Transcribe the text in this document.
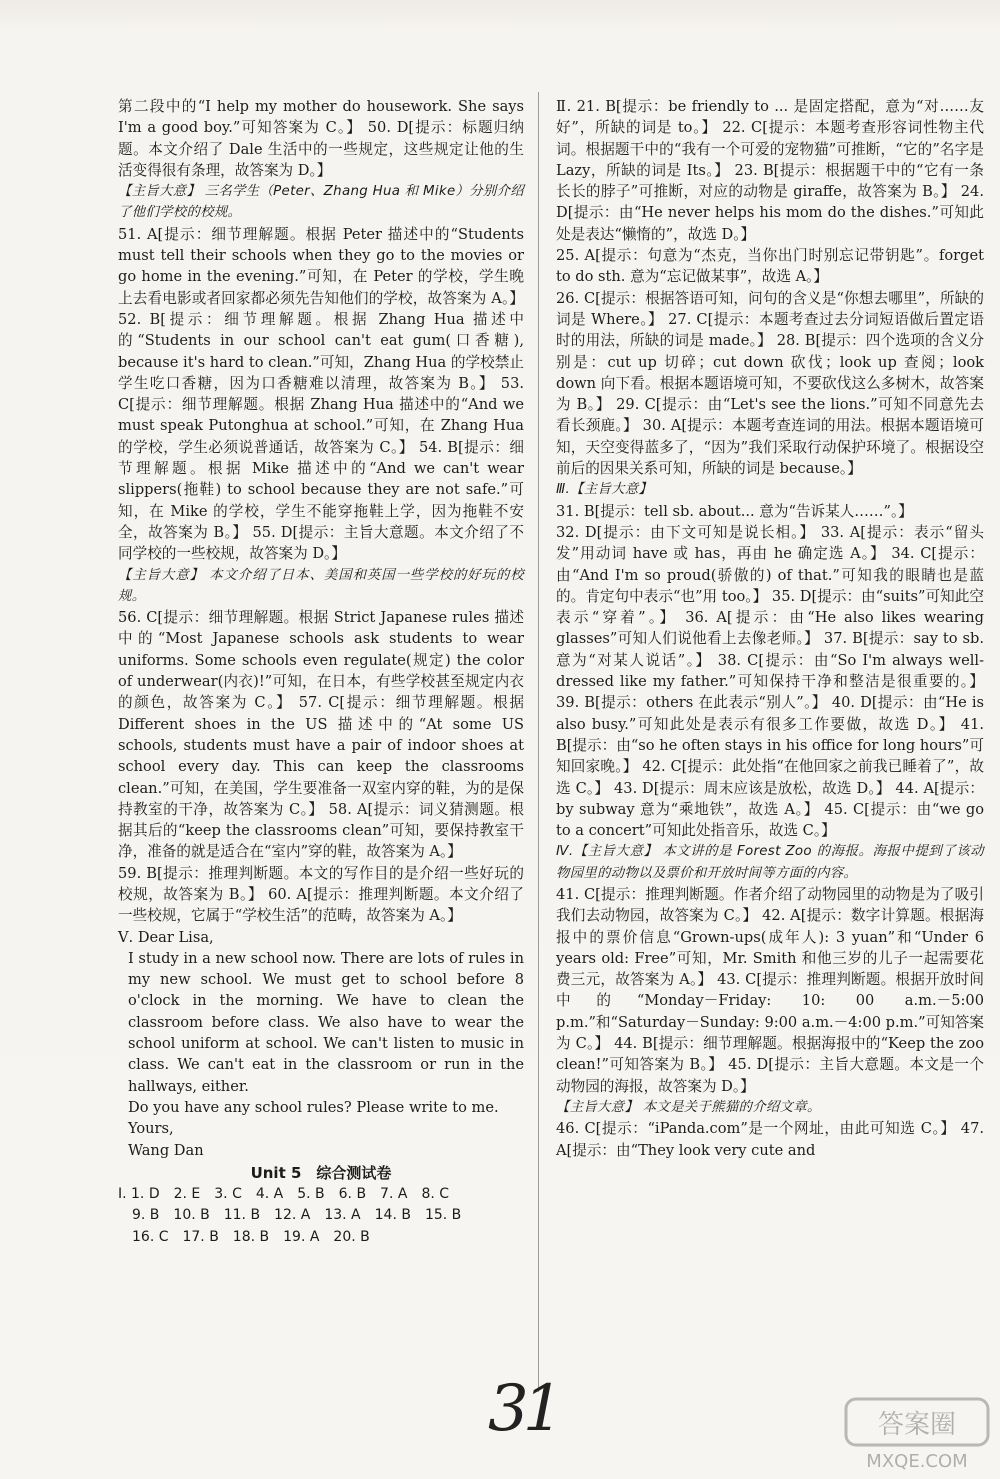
第二段中的“I help my mother do housework. She says I'm a good boy.”可知答案为 C。】 50. D[提示：标题归纳题。本文介绍了 Dale 生活中的一些规定，这些规定让他的生活变得很有条理，故答案为 D。】

【主旨大意】 三名学生（Peter、Zhang Hua 和 Mike）分别介绍了他们学校的校规。

51. A[提示：细节理解题。根据 Peter 描述中的“Students must tell their schools when they go to the movies or go home in the evening.”可知，在 Peter 的学校，学生晚上去看电影或者回家都必须先告知他们的学校，故答案为 A。】 52. B[提示：细节理解题。根据 Zhang Hua 描述中的“Students in our school can't eat gum(口香糖), because it's hard to clean.”可知，Zhang Hua 的学校禁止学生吃口香糖，因为口香糖难以清理，故答案为 B。】 53. C[提示：细节理解题。根据 Zhang Hua 描述中的“And we must speak Putonghua at school.”可知，在 Zhang Hua 的学校，学生必须说普通话，故答案为 C。】 54. B[提示：细节理解题。根据 Mike 描述中的“And we can't wear slippers(拖鞋) to school because they are not safe.”可知，在 Mike 的学校，学生不能穿拖鞋上学，因为拖鞋不安全，故答案为 B。】 55. D[提示：主旨大意题。本文介绍了不同学校的一些校规，故答案为 D。】

【主旨大意】 本文介绍了日本、美国和英国一些学校的好玩的校规。

56. C[提示：细节理解题。根据 Strict Japanese rules 描述中的“Most Japanese schools ask students to wear uniforms. Some schools even regulate(规定) the color of underwear(内衣)!”可知，在日本，有些学校甚至规定内衣的颜色，故答案为 C。】 57. C[提示：细节理解题。根据 Different shoes in the US 描述中的“At some US schools, students must have a pair of indoor shoes at school every day. This can keep the classrooms clean.”可知，在美国，学生要准备一双室内穿的鞋，为的是保持教室的干净，故答案为 C。】 58. A[提示：词义猜测题。根据其后的“keep the classrooms clean”可知，要保持教室干净，准备的就是适合在“室内”穿的鞋，故答案为 A。】

59. B[提示：推理判断题。本文的写作目的是介绍一些好玩的校规，故答案为 B。】 60. A[提示：推理判断题。本文介绍了一些校规，它属于“学校生活”的范畴，故答案为 A。】

Ⅴ. Dear Lisa,
I study in a new school now. There are lots of rules in my new school. We must get to school before 8 o'clock in the morning. We have to clean the classroom before class. We also have to wear the school uniform at school. We can't listen to music in class. We can't eat in the classroom or run in the hallways, either.
Do you have any school rules? Please write to me.
Yours,
Wang Dan

Unit 5　综合测试卷

Ⅰ. 1. D　2. E　3. C　4. A　5. B　6. B　7. A　8. C

　9. B　10. B　11. B　12. A　13. A　14. B　15. B

　16. C　17. B　18. B　19. A　20. B

Ⅱ. 21. B[提示：be friendly to ... 是固定搭配，意为“对……友好”，所缺的词是 to。】 22. C[提示：本题考查形容词性物主代词。根据题干中的“我有一个可爱的宠物猫”可推断，“它的”名字是 Lazy，所缺的词是 Its。】 23. B[提示：根据题干中的“它有一条长长的脖子”可推断，对应的动物是 giraffe，故答案为 B。】 24. D[提示：由“He never helps his mom do the dishes.”可知此处是表达“懒惰的”，故选 D。】

25. A[提示：句意为“杰克，当你出门时别忘记带钥匙”。forget to do sth. 意为“忘记做某事”，故选 A。】

26. C[提示：根据答语可知，问句的含义是“你想去哪里”，所缺的词是 Where。】 27. C[提示：本题考查过去分词短语做后置定语时的用法，所缺的词是 made。】 28. B[提示：四个选项的含义分别是：cut up 切碎；cut down 砍伐；look up 查阅；look down 向下看。根据本题语境可知，不要砍伐这么多树木，故答案为 B。】 29. C[提示：由“Let's see the lions.”可知不同意先去看长颈鹿。】 30. A[提示：本题考查连词的用法。根据本题语境可知，天空变得蓝多了，“因为”我们采取行动保护环境了。根据设空前后的因果关系可知，所缺的词是 because。】

Ⅲ.【主旨大意】

31. B[提示：tell sb. about... 意为“告诉某人……”。】

32. D[提示：由下文可知是说长相。】 33. A[提示：表示“留头发”用动词 have 或 has，再由 he 确定选 A。】 34. C[提示：由“And I'm so proud(骄傲的) of that.”可知我的眼睛也是蓝的。肯定句中表示“也”用 too。】 35. D[提示：由“suits”可知此空表示“穿着”。】 36. A[提示：由“He also likes wearing glasses”可知人们说他看上去像老师。】 37. B[提示：say to sb. 意为“对某人说话”。】 38. C[提示：由“So I'm always well-dressed like my father.”可知保持干净和整洁是很重要的。】 39. B[提示：others 在此表示“别人”。】 40. D[提示：由“He is also busy.”可知此处是表示有很多工作要做，故选 D。】 41. B[提示：由“so he often stays in his office for long hours”可知回家晚。】 42. C[提示：此处指“在他回家之前我已睡着了”，故选 C。】 43. D[提示：周末应该是放松，故选 D。】 44. A[提示：by subway 意为“乘地铁”，故选 A。】 45. C[提示：由“we go to a concert”可知此处指音乐，故选 C。】

Ⅳ.【主旨大意】 本文讲的是 Forest Zoo 的海报。海报中提到了该动物园里的动物以及票价和开放时间等方面的内容。

41. C[提示：推理判断题。作者介绍了动物园里的动物是为了吸引我们去动物园，故答案为 C。】 42. A[提示：数字计算题。根据海报中的票价信息“Grown-ups(成年人): 3 yuan”和“Under 6 years old: Free”可知，Mr. Smith 和他三岁的儿子一起需要花费三元，故答案为 A。】 43. C[提示：推理判断题。根据开放时间中的“Monday－Friday: 10: 00 a.m.－5:00 p.m.”和“Saturday－Sunday: 9:00 a.m.－4:00 p.m.”可知答案为 C。】 44. B[提示：细节理解题。根据海报中的“Keep the zoo clean!”可知答案为 B。】 45. D[提示：主旨大意题。本文是一个动物园的海报，故答案为 D。】

【主旨大意】 本文是关于熊猫的介绍文章。

46. C[提示：“iPanda.com”是一个网址，由此可知选 C。】 47. A[提示：由“They look very cute and

31	答案圈
MXQE.COM
